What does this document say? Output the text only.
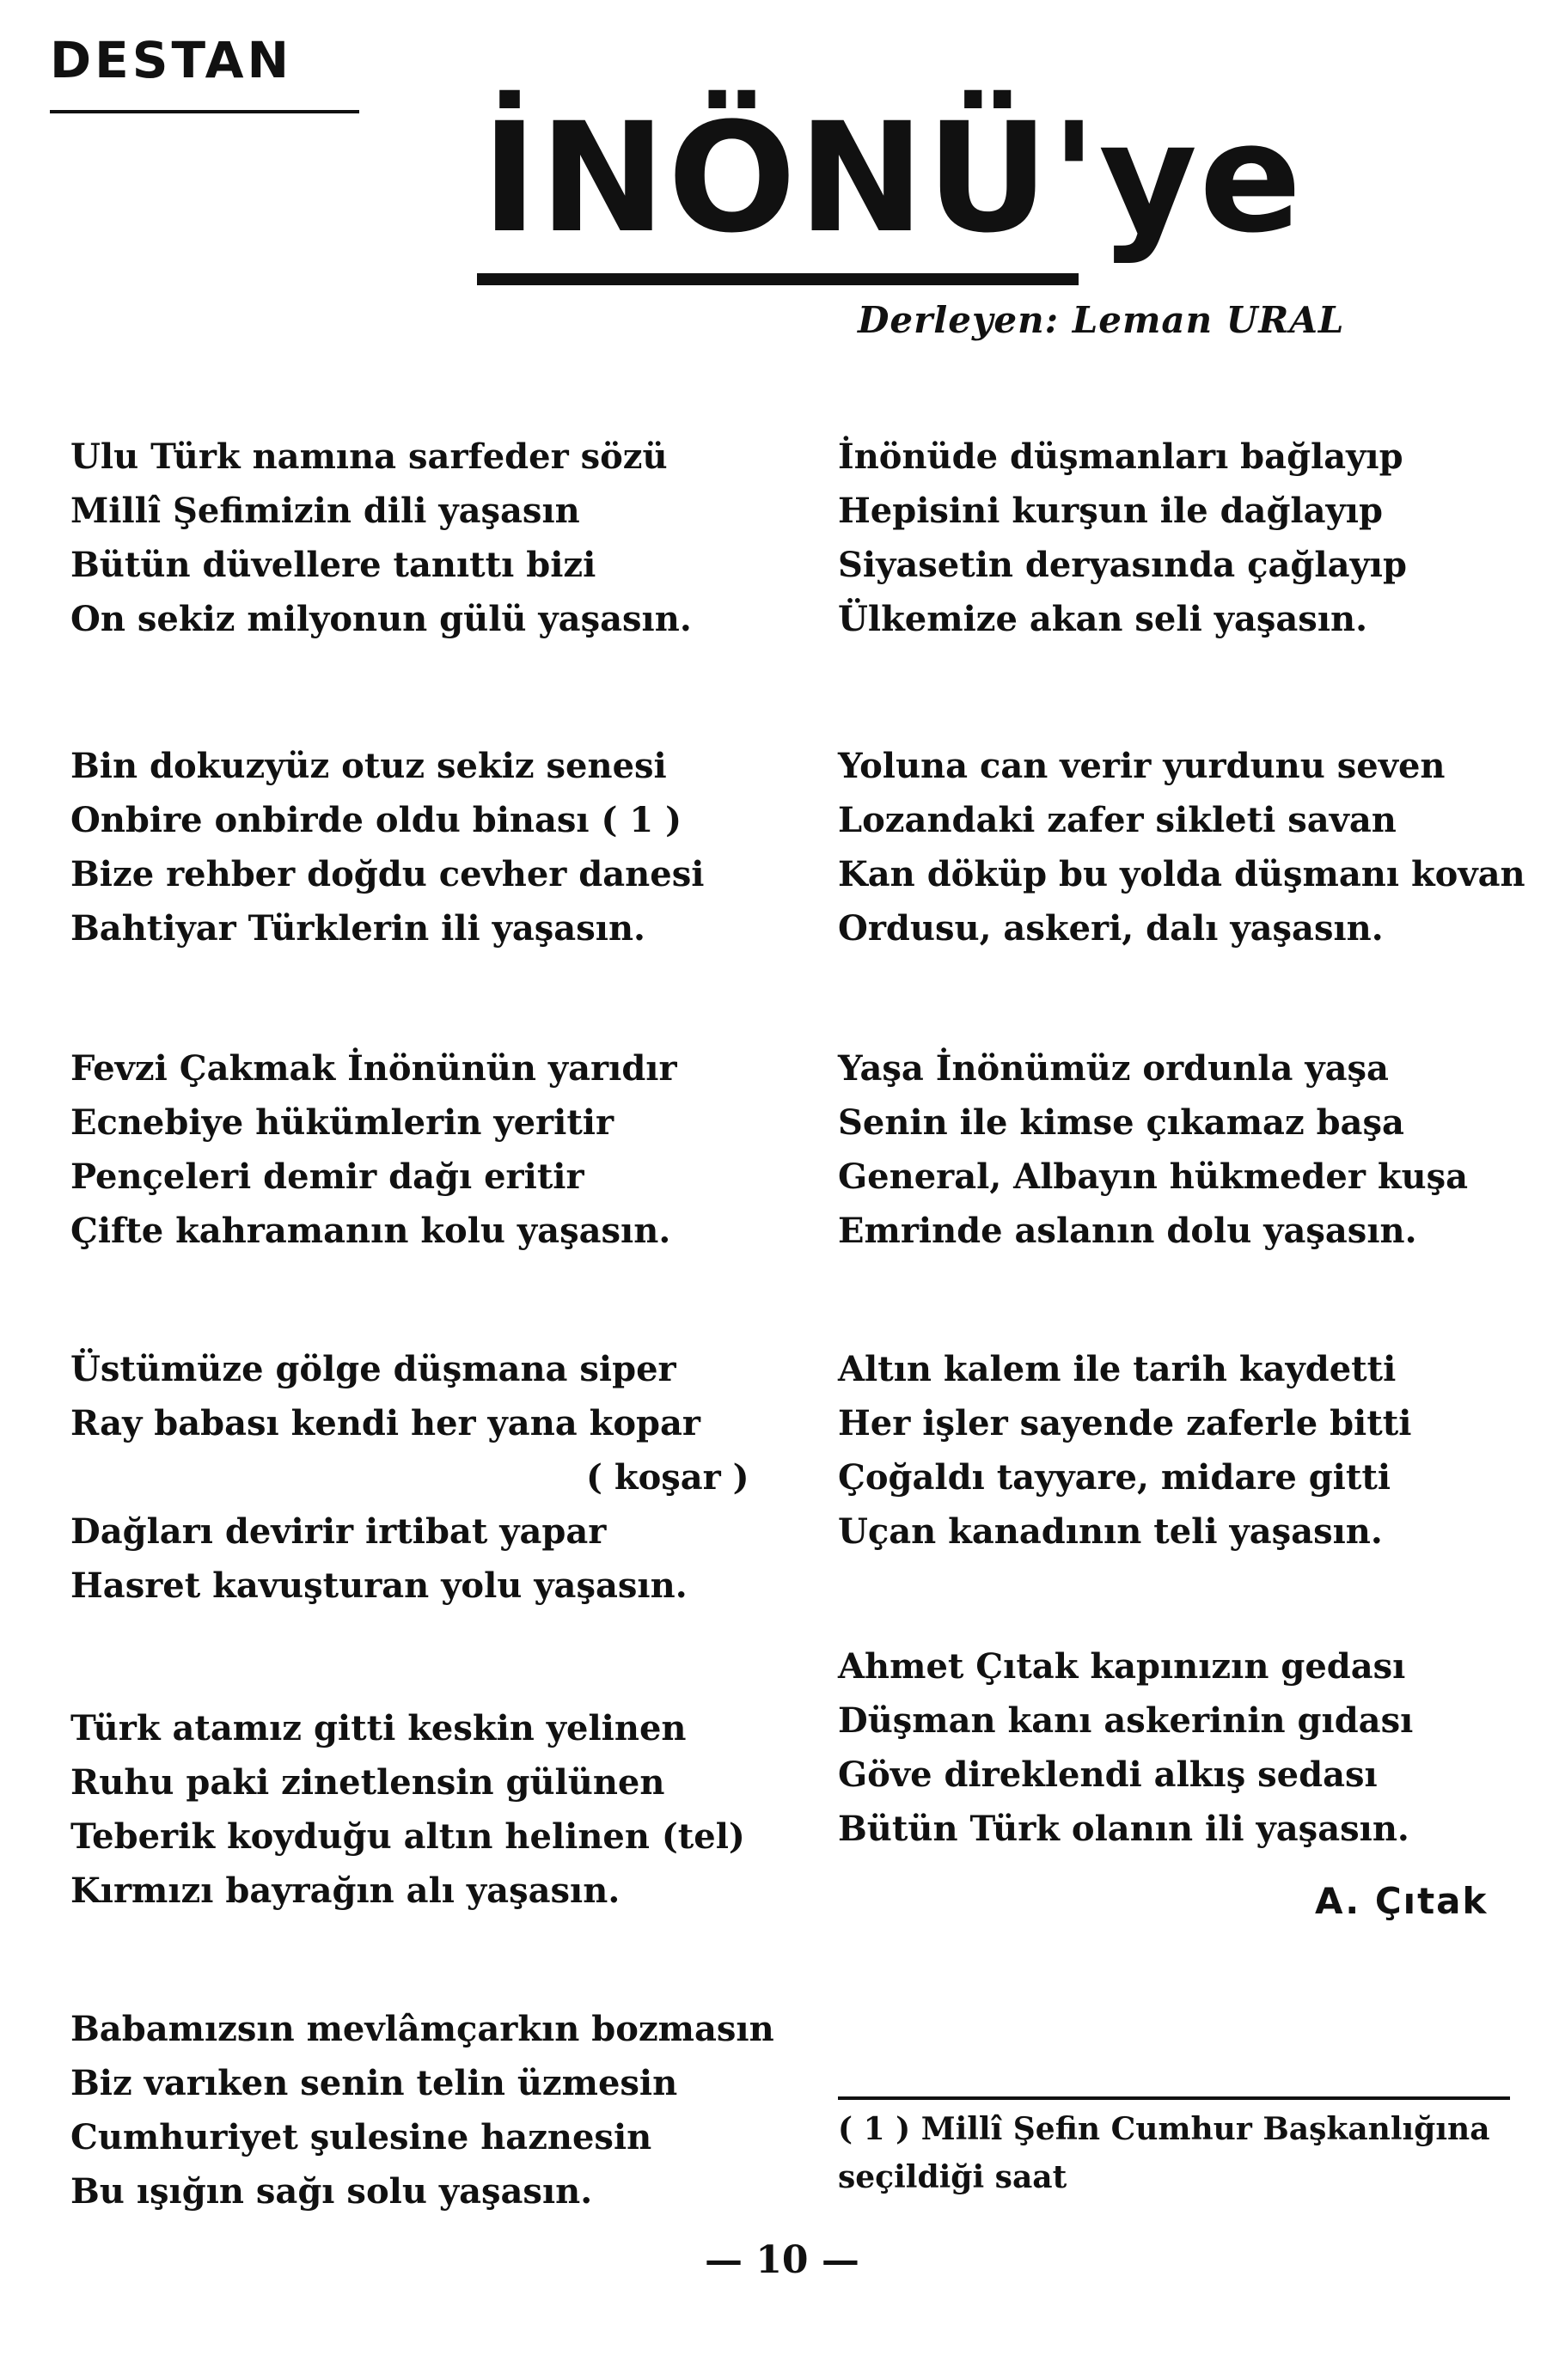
DESTAN
İNÖNÜ'ye
Derleyen: Leman URAL
Ulu Türk namına sarfeder sözü
Millî Şefimizin dili yaşasın
Bütün düvellere tanıttı bizi
On sekiz milyonun gülü yaşasın.
Bin dokuzyüz otuz sekiz senesi
Onbire onbirde oldu binası ( 1 )
Bize rehber doğdu cevher danesi
Bahtiyar Türklerin ili yaşasın.
Fevzi Çakmak İnönünün yarıdır
Ecnebiye hükümlerin yeritir
Pençeleri demir dağı eritir
Çifte kahramanın kolu yaşasın.
Üstümüze gölge düşmana siper
Ray babası kendi her yana kopar
( koşar )
Dağları devirir irtibat yapar
Hasret kavuşturan yolu yaşasın.
Türk atamız gitti keskin yelinen
Ruhu paki zinetlensin gülünen
Teberik koyduğu altın helinen (tel)
Kırmızı bayrağın alı yaşasın.
Babamızsın mevlâmçarkın bozmasın
Biz varıken senin telin üzmesin
Cumhuriyet şulesine haznesin
Bu ışığın sağı solu yaşasın.
İnönüde düşmanları bağlayıp
Hepisini kurşun ile dağlayıp
Siyasetin deryasında çağlayıp
Ülkemize akan seli yaşasın.
Yoluna can verir yurdunu seven
Lozandaki zafer sikleti savan
Kan döküp bu yolda düşmanı kovan
Ordusu, askeri, dalı yaşasın.
Yaşa İnönümüz ordunla yaşa
Senin ile kimse çıkamaz başa
General, Albayın hükmeder kuşa
Emrinde aslanın dolu yaşasın.
Altın kalem ile tarih kaydetti
Her işler sayende zaferle bitti
Çoğaldı tayyare, midare gitti
Uçan kanadının teli yaşasın.
Ahmet Çıtak kapınızın gedası
Düşman kanı askerinin gıdası
Göve direklendi alkış sedası
Bütün Türk olanın ili yaşasın.
A. Çıtak
( 1 ) Millî Şefin Cumhur Başkanlığına
seçildiği saat
— 10 —
